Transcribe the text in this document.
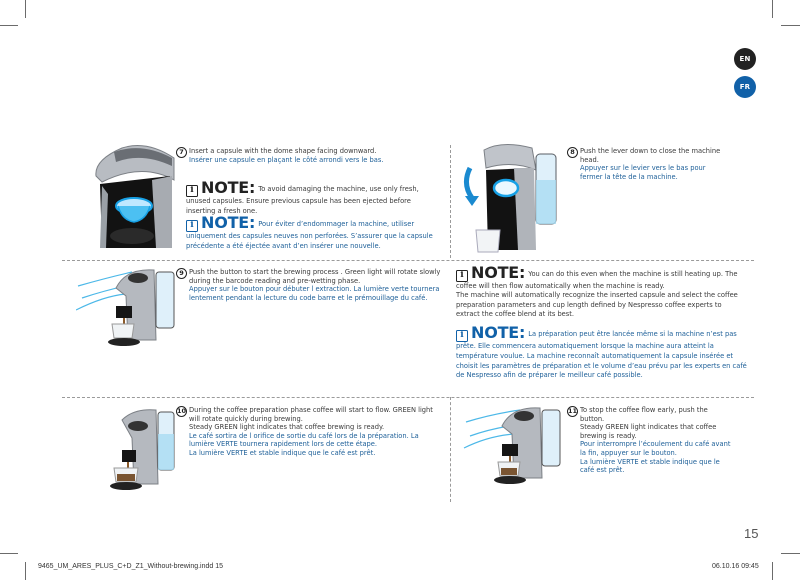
EN
FR
7 Insert a capsule with the dome shape facing downward.
Insérer une capsule en plaçant le côté arrondi vers le bas.
i NOTE: To avoid damaging the machine, use only fresh, unused capsules. Ensure previous capsule has been ejected before inserting a fresh one.
i NOTE: Pour éviter d’endommager la machine, utiliser uniquement des capsules neuves non perforées. S’assurer que la capsule précédente a été éjectée avant d’en insérer une nouvelle.
8 Push the lever down to close the machine head.
Appuyer sur le levier vers le bas pour fermer la tête de la machine.
9 Push the button to start the brewing process . Green light will rotate slowly during the barcode reading and pre-wetting phase.
Appuyer sur le bouton pour débuter l extraction. La lumière verte tournera lentement pendant la lecture du code barre et le prémouillage du café.
i NOTE: You can do this even when the machine is still heating up. The coffee will then flow automatically when the machine is ready.
The machine will automatically recognize the inserted capsule and select the coffee preparation parameters and cup length defined by Nespresso coffee experts to extract the coffee blend at its best.
i NOTE: La préparation peut être lancée même si la machine n’est pas prête. Elle commencera automatiquement lorsque la machine aura atteint la température voulue. La machine reconnaît automatiquement la capsule insérée et choisit les paramètres de préparation et le volume d’eau prévu par les experts en café de Nespresso afin de préparer le meilleur café possible.
10 During the coffee preparation phase coffee will start to flow. GREEN light will rotate quickly during brewing.
Steady GREEN light indicates that coffee brewing is ready.
Le café sortira de l orifice de sortie du café lors de la préparation. La lumière VERTE tournera rapidement lors de cette étape.
La lumière VERTE et stable indique que le café est prêt.
11 To stop the coffee flow early, push the button.
Steady GREEN light indicates that coffee brewing is ready.
Pour interrompre l’écoulement du café avant la fin, appuyer sur le bouton.
La lumière VERTE et stable indique que le café est prêt.
15
9465_UM_ARES_PLUS_C+D_Z1_Without-brewing.indd 15	06.10.16 09:45
